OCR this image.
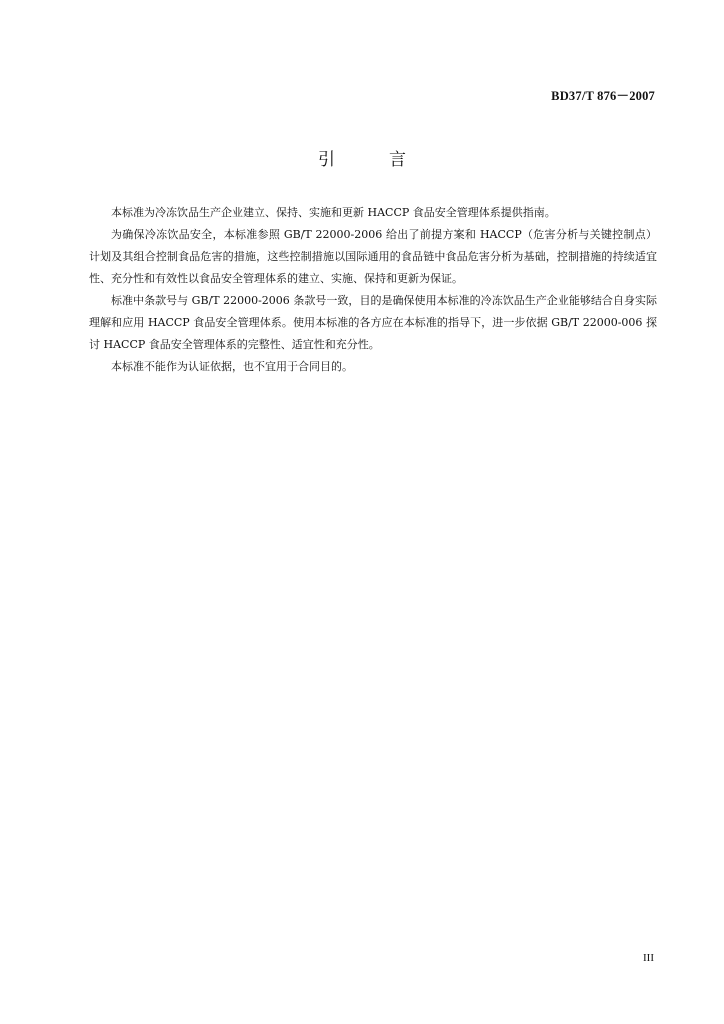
BD37/T 876－2007
引	言

本标准为冷冻饮品生产企业建立、保持、实施和更新 HACCP 食品安全管理体系提供指南。

为确保冷冻饮品安全，本标准参照 GB/T 22000-2006 给出了前提方案和 HACCP（危害分析与关键控制点）计划及其组合控制食品危害的措施，这些控制措施以国际通用的食品链中食品危害分析为基础，控制措施的持续适宜性、充分性和有效性以食品安全管理体系的建立、实施、保持和更新为保证。

标准中条款号与 GB/T 22000-2006 条款号一致，目的是确保使用本标准的冷冻饮品生产企业能够结合自身实际理解和应用 HACCP 食品安全管理体系。使用本标准的各方应在本标准的指导下，进一步依据 GB/T 22000-006 探讨 HACCP 食品安全管理体系的完整性、适宜性和充分性。

本标准不能作为认证依据，也不宜用于合同目的。

III
